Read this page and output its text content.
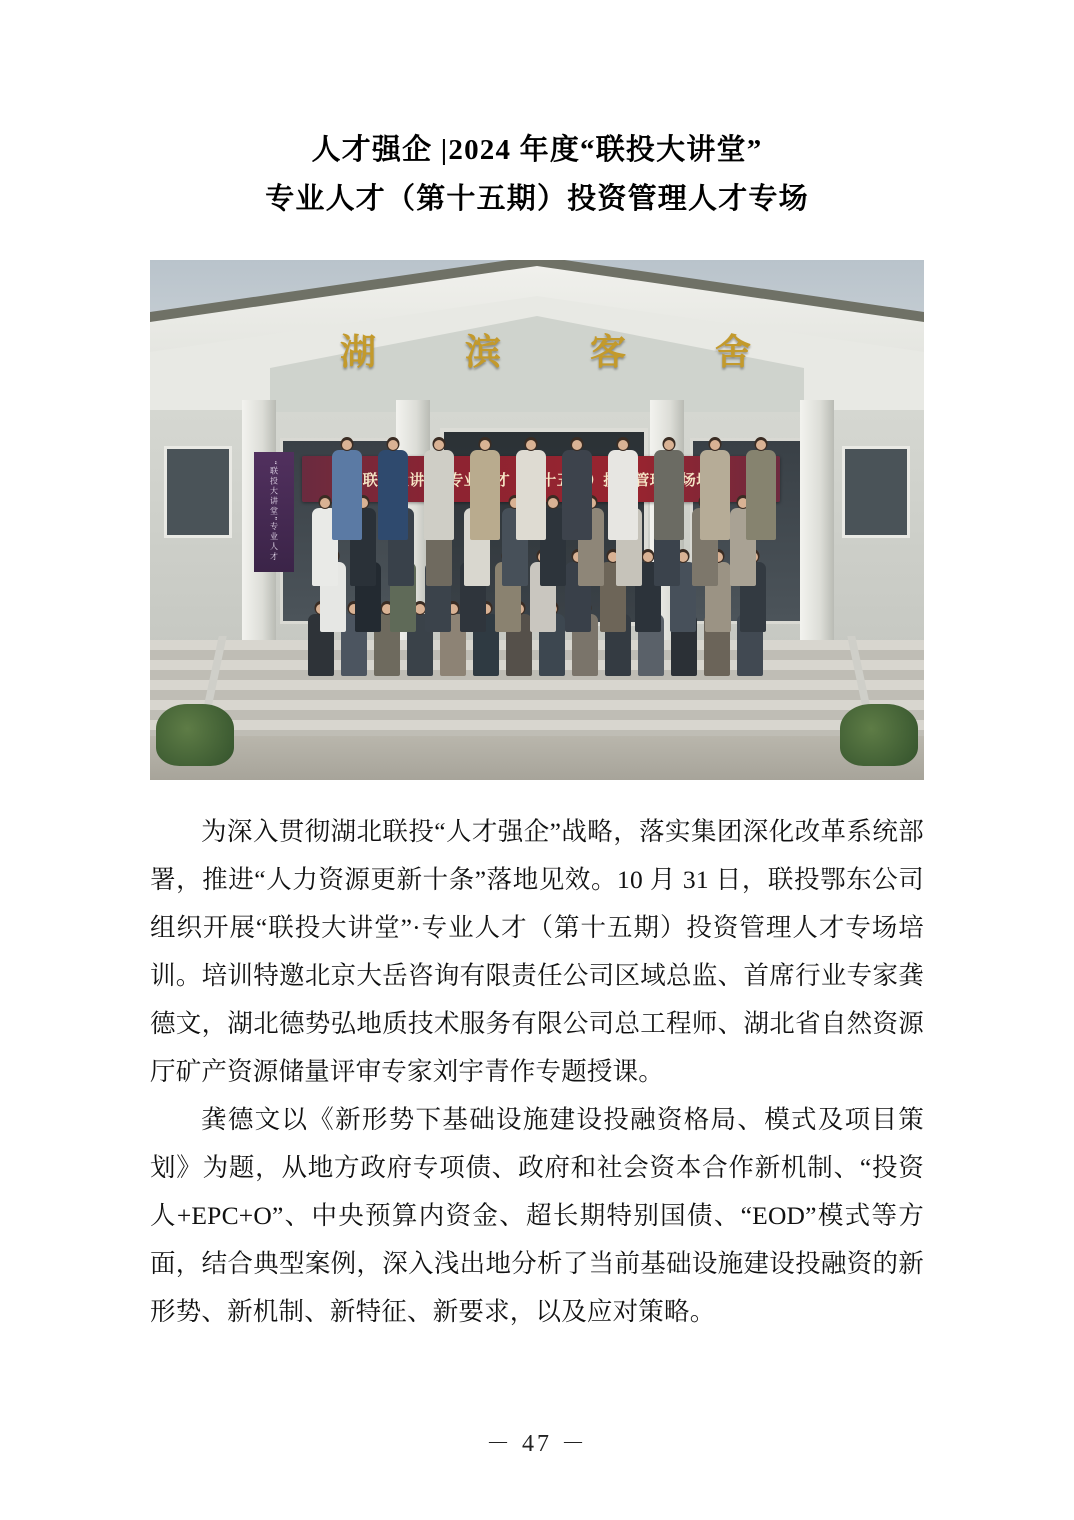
人才强企 |2024 年度“联投大讲堂”
专业人才（第十五期）投资管理人才专场
湖 滨 客 舍
“联投大讲堂”专业人才

为深入贯彻湖北联投“人才强企”战略，落实集团深化改革系统部署，推进“人力资源更新十条”落地见效。10 月 31 日，联投鄂东公司组织开展“联投大讲堂”·专业人才（第十五期）投资管理人才专场培训。培训特邀北京大岳咨询有限责任公司区域总监、首席行业专家龚德文，湖北德势弘地质技术服务有限公司总工程师、湖北省自然资源厅矿产资源储量评审专家刘宇青作专题授课。

龚德文以《新形势下基础设施建设投融资格局、模式及项目策划》为题，从地方政府专项债、政府和社会资本合作新机制、“投资人+EPC+O”、中央预算内资金、超长期特别国债、“EOD”模式等方面，结合典型案例，深入浅出地分析了当前基础设施建设投融资的新形势、新机制、新特征、新要求，以及应对策略。

－ 47 －
